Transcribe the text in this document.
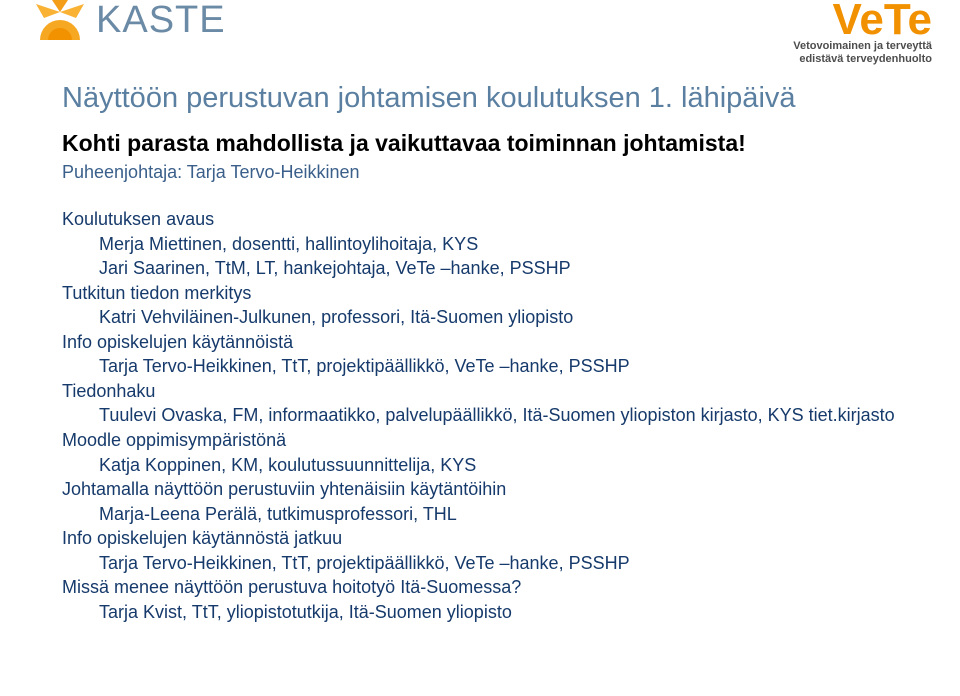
KASTE	VeTe
Vetovoimainen ja terveyttä
edistävä terveydenhuolto
Näyttöön perustuvan johtamisen koulutuksen 1. lähipäivä
Kohti parasta mahdollista ja vaikuttavaa toiminnan johtamista!
Puheenjohtaja: Tarja Tervo-Heikkinen
Koulutuksen avaus
Merja Miettinen, dosentti, hallintoylihoitaja, KYS
Jari Saarinen, TtM, LT, hankejohtaja, VeTe –hanke, PSSHP
Tutkitun tiedon merkitys
Katri Vehviläinen-Julkunen, professori, Itä-Suomen yliopisto
Info opiskelujen käytännöistä
Tarja Tervo-Heikkinen, TtT, projektipäällikkö, VeTe –hanke, PSSHP
Tiedonhaku
Tuulevi Ovaska, FM, informaatikko, palvelupäällikkö, Itä-Suomen yliopiston kirjasto, KYS tiet.kirjasto
Moodle oppimisympäristönä
Katja Koppinen, KM, koulutussuunnittelija, KYS
Johtamalla näyttöön perustuviin yhtenäisiin käytäntöihin
Marja-Leena Perälä, tutkimusprofessori, THL
Info opiskelujen käytännöstä jatkuu
Tarja Tervo-Heikkinen, TtT, projektipäällikkö, VeTe –hanke, PSSHP
Missä menee näyttöön perustuva hoitotyö Itä-Suomessa?
Tarja Kvist, TtT, yliopistotutkija, Itä-Suomen yliopisto
